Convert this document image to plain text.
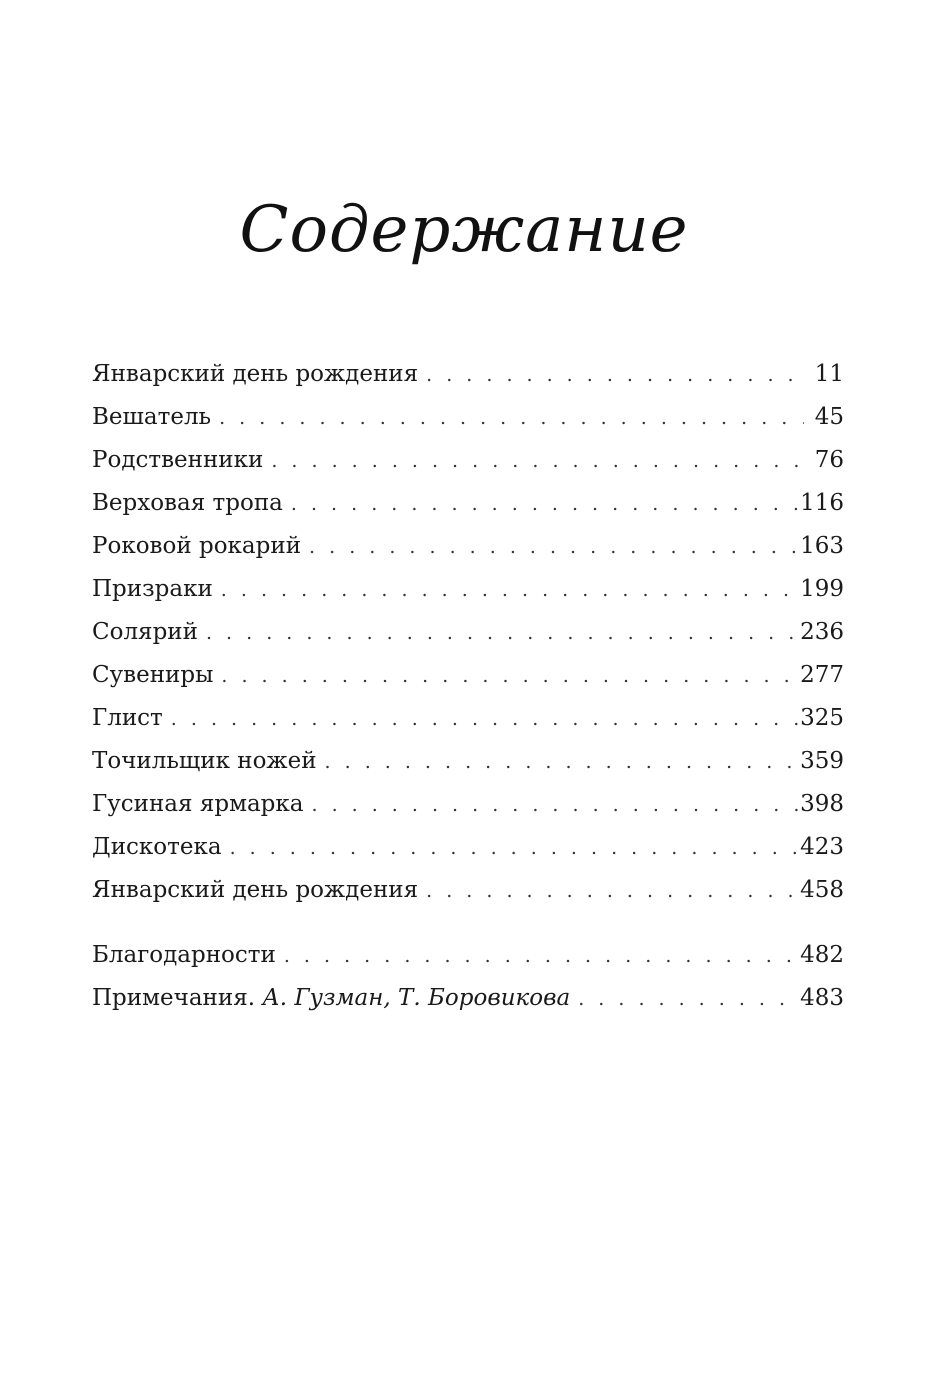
Содержание
Январский день рождения . . .	11
Вешатель . . .	45
Родственники . . .	76
Верховая тропа . . .	116
Роковой рокарий . . .	163
Призраки . . .	199
Солярий . . .	236
Сувениры . . .	277
Глист . . .	325
Точильщик ножей . . .	359
Гусиная ярмарка . . .	398
Дискотека . . .	423
Январский день рождения . . .	458
Благодарности . . .	482
Примечания. А. Гузман, Т. Боровикова . . .	483
